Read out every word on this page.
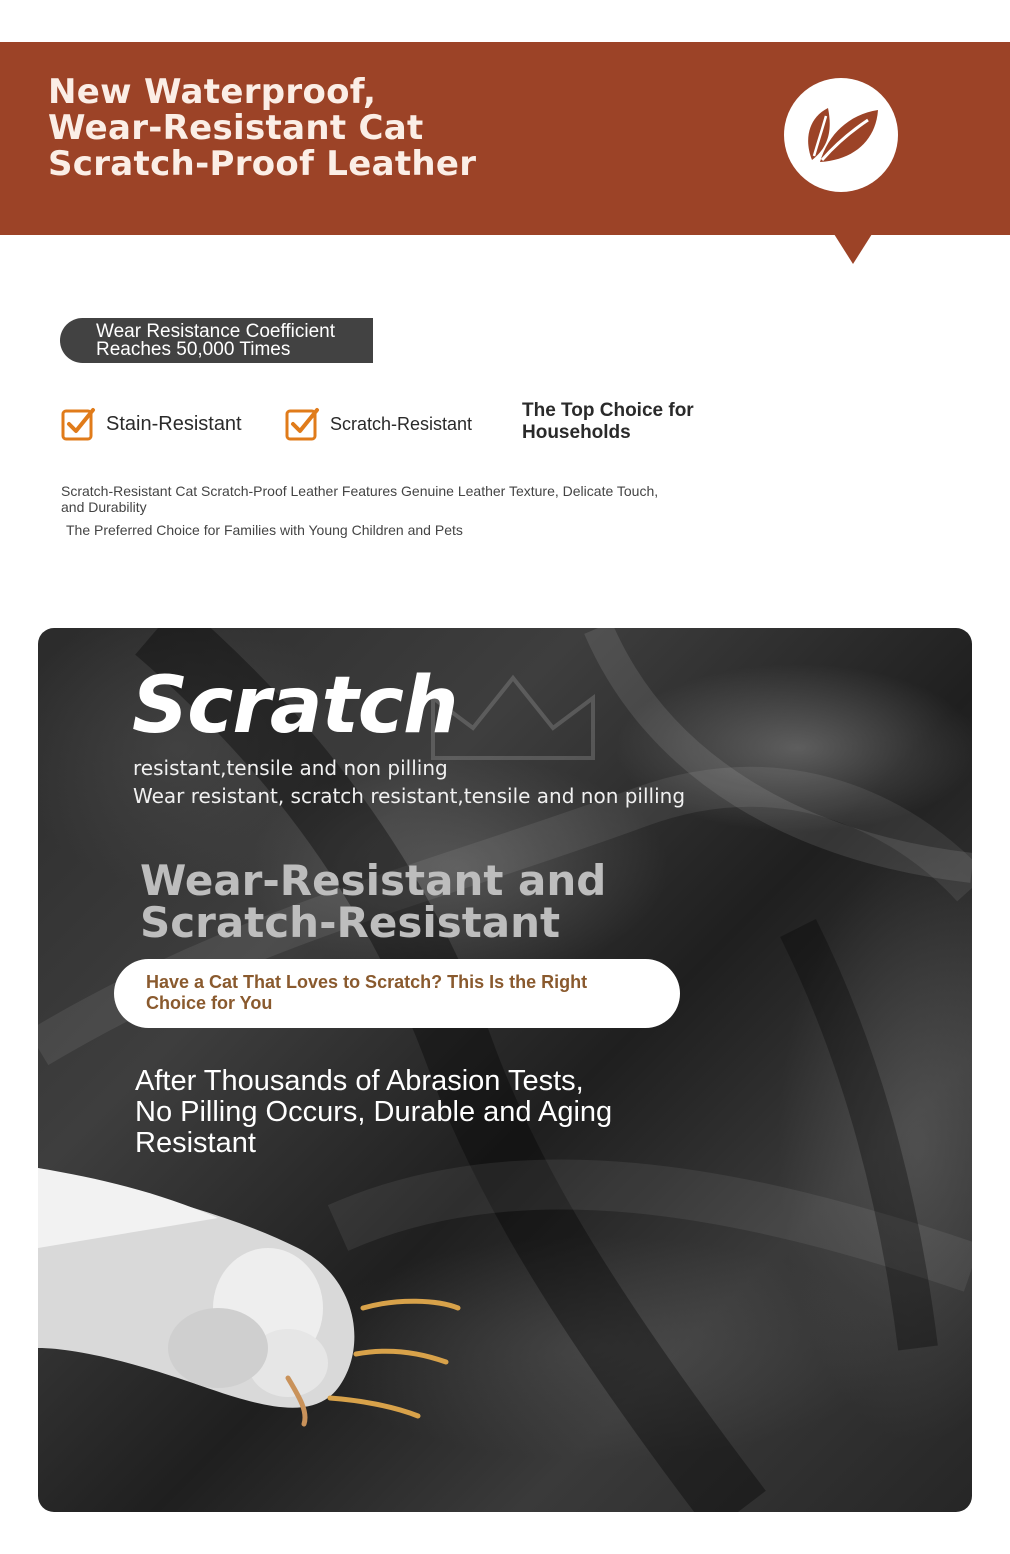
New Waterproof,
Wear-Resistant Cat
Scratch-Proof Leather
Wear Resistance Coefficient
Reaches 50,000 Times
Stain-Resistant	Scratch-Resistant
The Top Choice for
Households
Scratch-Resistant Cat Scratch-Proof Leather Features Genuine Leather Texture, Delicate Touch, and Durability
The Preferred Choice for Families with Young Children and Pets
Scratch
resistant,tensile and non pilling
Wear resistant, scratch resistant,tensile and non pilling
Wear-Resistant and
Scratch-Resistant
Have a Cat That Loves to Scratch? This Is the Right
Choice for You
After Thousands of Abrasion Tests,
No Pilling Occurs, Durable and Aging
Resistant
